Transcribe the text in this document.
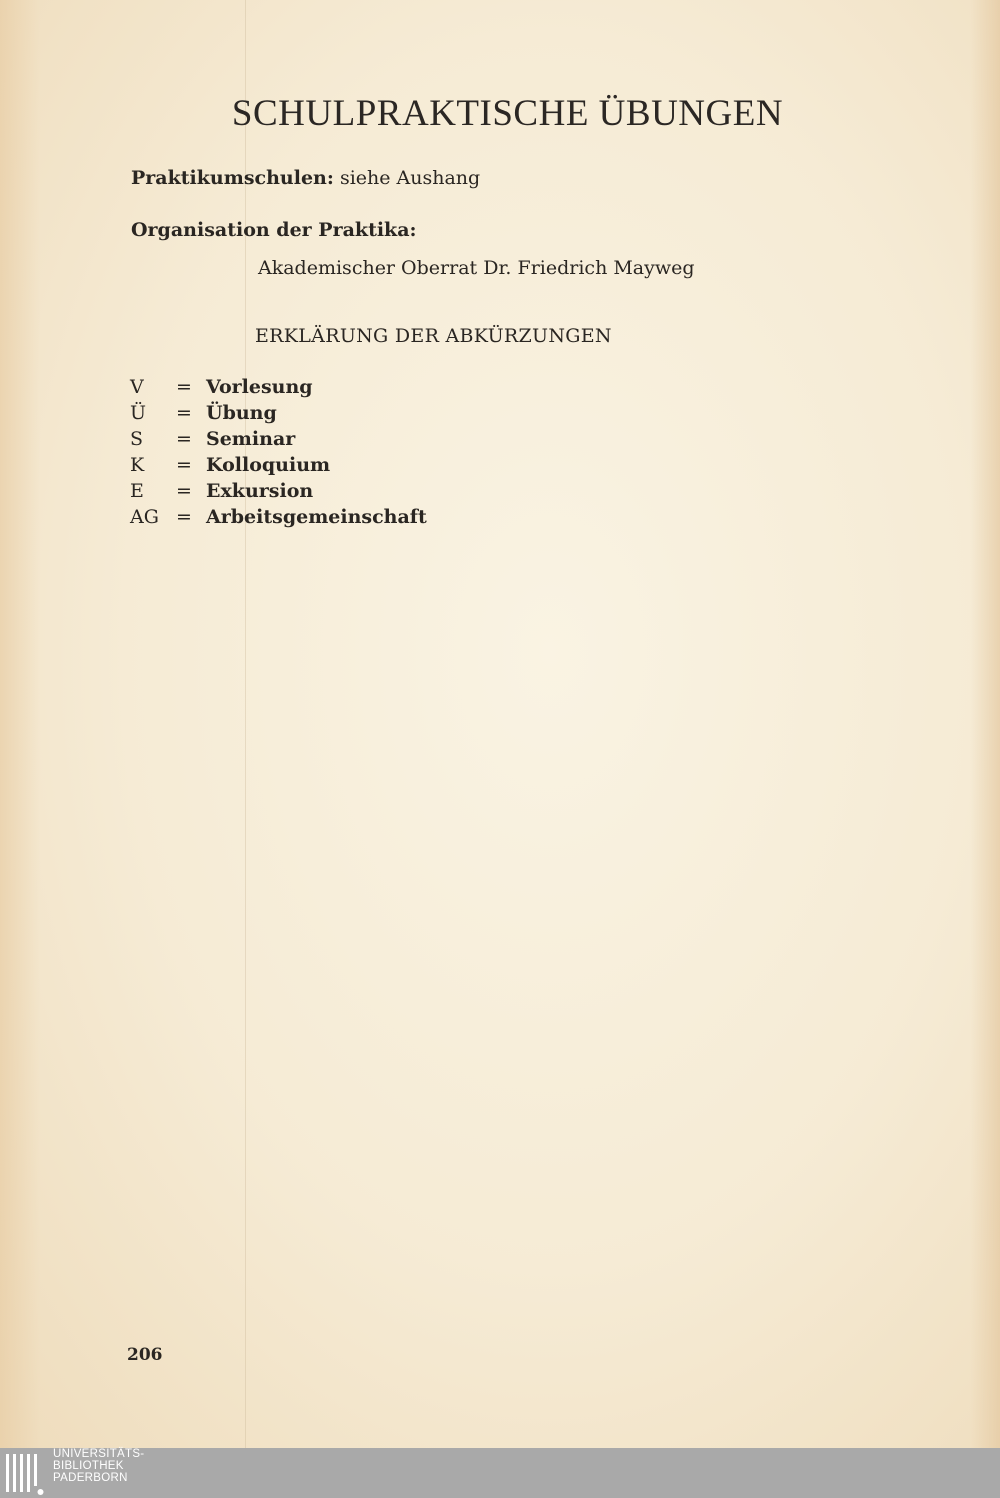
SCHULPRAKTISCHE ÜBUNGEN
Praktikumschulen: siehe Aushang
Organisation der Praktika:
Akademischer Oberrat Dr. Friedrich Mayweg
ERKLÄRUNG DER ABKÜRZUNGEN
V	= Vorlesung
Ü	= Übung
S	= Seminar
K	= Kolloquium
E	= Exkursion
AG = Arbeitsgemeinschaft
206
UNIVERSITÄTS-
BIBLIOTHEK
PADERBORN
